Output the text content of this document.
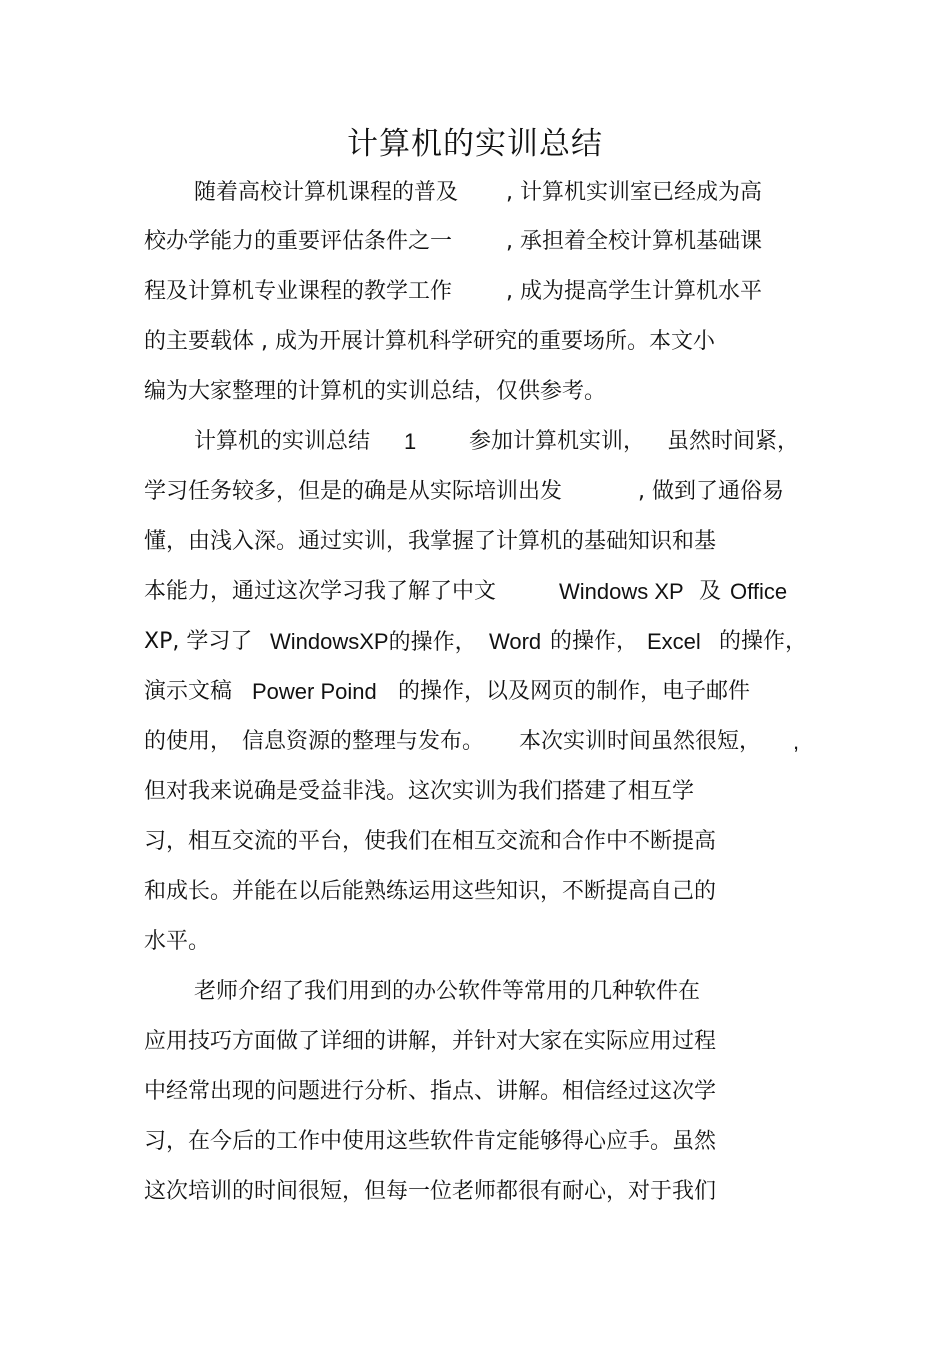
计算机的实训总结
随着高校计算机课程的普及 , 计算机实训室已经成为高
校办学能力的重要评估条件之一 , 承担着全校计算机基础课
程及计算机专业课程的教学工作 , 成为提高学生计算机水平
的主要载体 , 成为开展计算机科学研究的重要场所。本文小
编为大家整理的计算机的实训总结，仅供参考。
计算机的实训总结 1 参加计算机实训， 虽然时间紧，
学习任务较多，但是的确是从实际培训出发	, 做到了通俗易
懂，由浅入深。通过实训，我掌握了计算机的基础知识和基
本能力，通过这次学习我了解了中文	Windows XP 及 Office
XP, 学习了 WindowsXP的操作， Word 的操作， Excel 的操作，
演示文稿 Power Poind 的操作，以及网页的制作，电子邮件
的使用， 信息资源的整理与发布。 本次实训时间虽然很短， ,
但对我来说确是受益非浅。这次实训为我们搭建了相互学
习，相互交流的平台，使我们在相互交流和合作中不断提高
和成长。并能在以后能熟练运用这些知识，不断提高自己的
水平。
老师介绍了我们用到的办公软件等常用的几种软件在
应用技巧方面做了详细的讲解，并针对大家在实际应用过程
中经常出现的问题进行分析、指点、讲解。相信经过这次学
习，在今后的工作中使用这些软件肯定能够得心应手。虽然
这次培训的时间很短，但每一位老师都很有耐心，对于我们
